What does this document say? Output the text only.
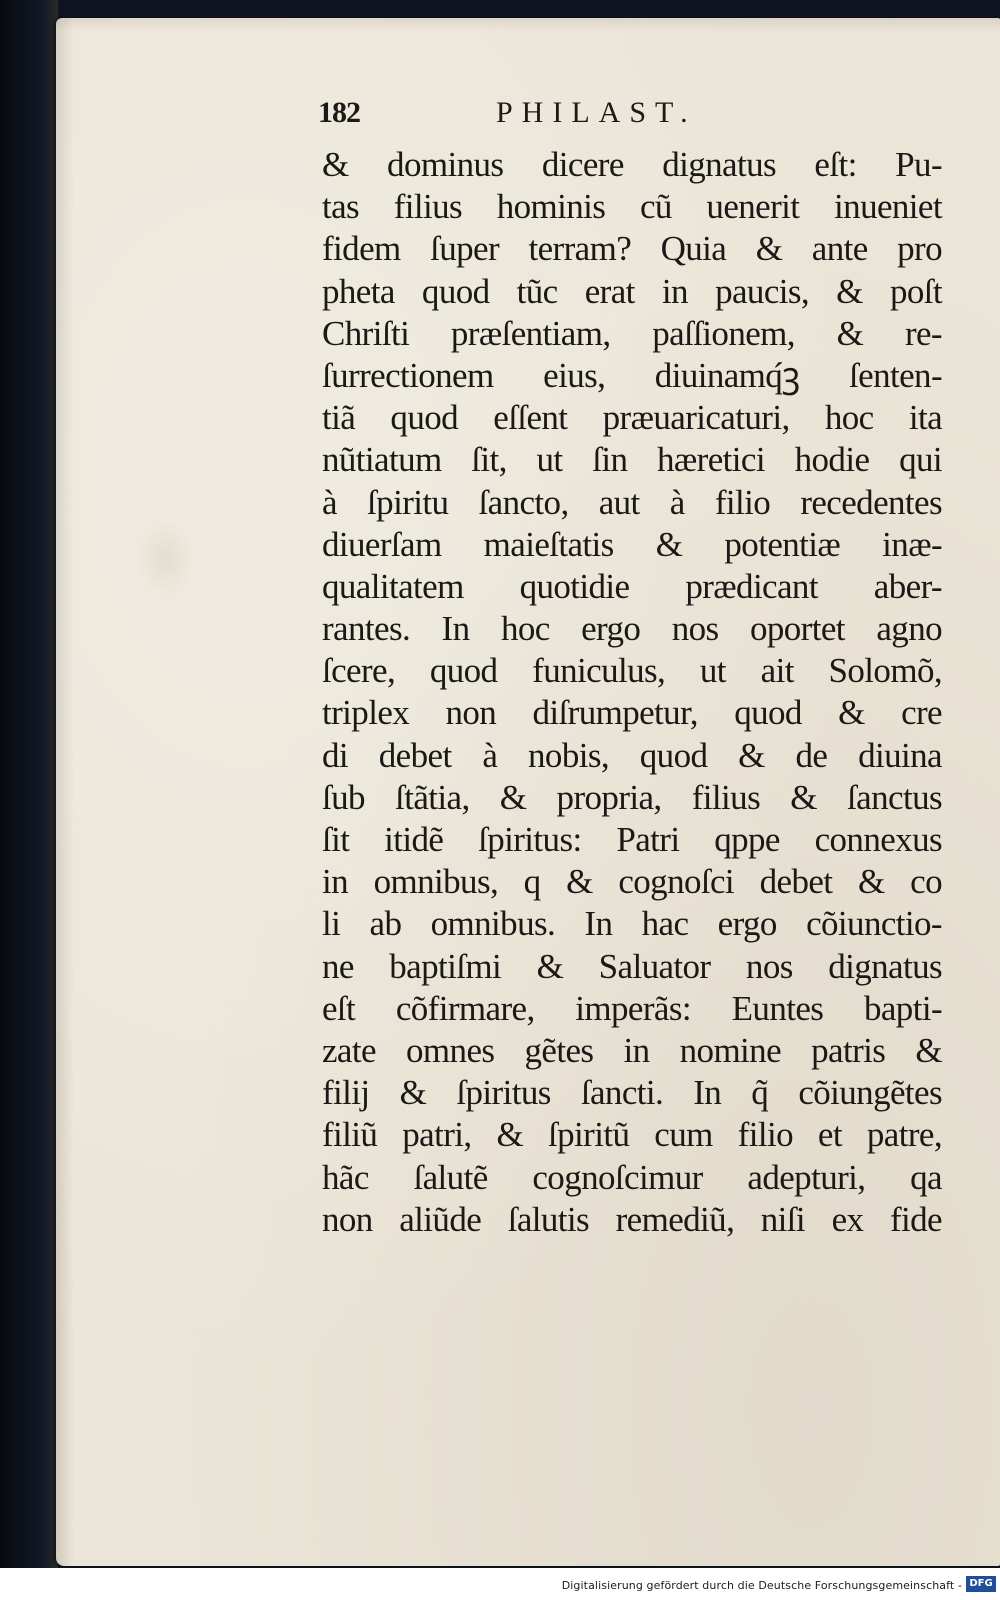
182	PHILAST.
& dominus dicere dignatus eſt: Pu-
tas filius hominis cũ uenerit inueniet
fidem ſuper terram? Quia & ante pro
pheta quod tũc erat in paucis, & poſt
Chriſti præſentiam, paſſionem, & re-
ſurrectionem eius, diuinamq́ꝫ ſenten-
tiã quod eſſent præuaricaturi, hoc ita
nũtiatum ſit, ut ſin hæretici hodie qui
à ſpiritu ſancto, aut à filio recedentes
diuerſam maieſtatis & potentiæ inæ-
qualitatem quotidie prædicant aber-
rantes. In hoc ergo nos oportet agno
ſcere, quod funiculus, ut ait Solomõ,
triplex non diſrumpetur, quod & cre
di debet à nobis, quod & de diuina
ſub ſtãtia, & propria, filius & ſanctus
ſit itidẽ ſpiritus: Patri qppe connexus
in omnibus, q & cognoſci debet & co
li ab omnibus. In hac ergo cõiunctio-
ne baptiſmi & Saluator nos dignatus
eſt cõfirmare, imperãs: Euntes bapti-
zate omnes gẽtes in nomine patris &
filij & ſpiritus ſancti. In q̃ cõiungẽtes
filiũ patri, & ſpiritũ cum filio et patre,
hãc ſalutẽ cognoſcimur adepturi, qa
non aliũde ſalutis remediũ, niſi ex fide
Digitalisierung gefördert durch die Deutsche Forschungsgemeinschaft - DFG
